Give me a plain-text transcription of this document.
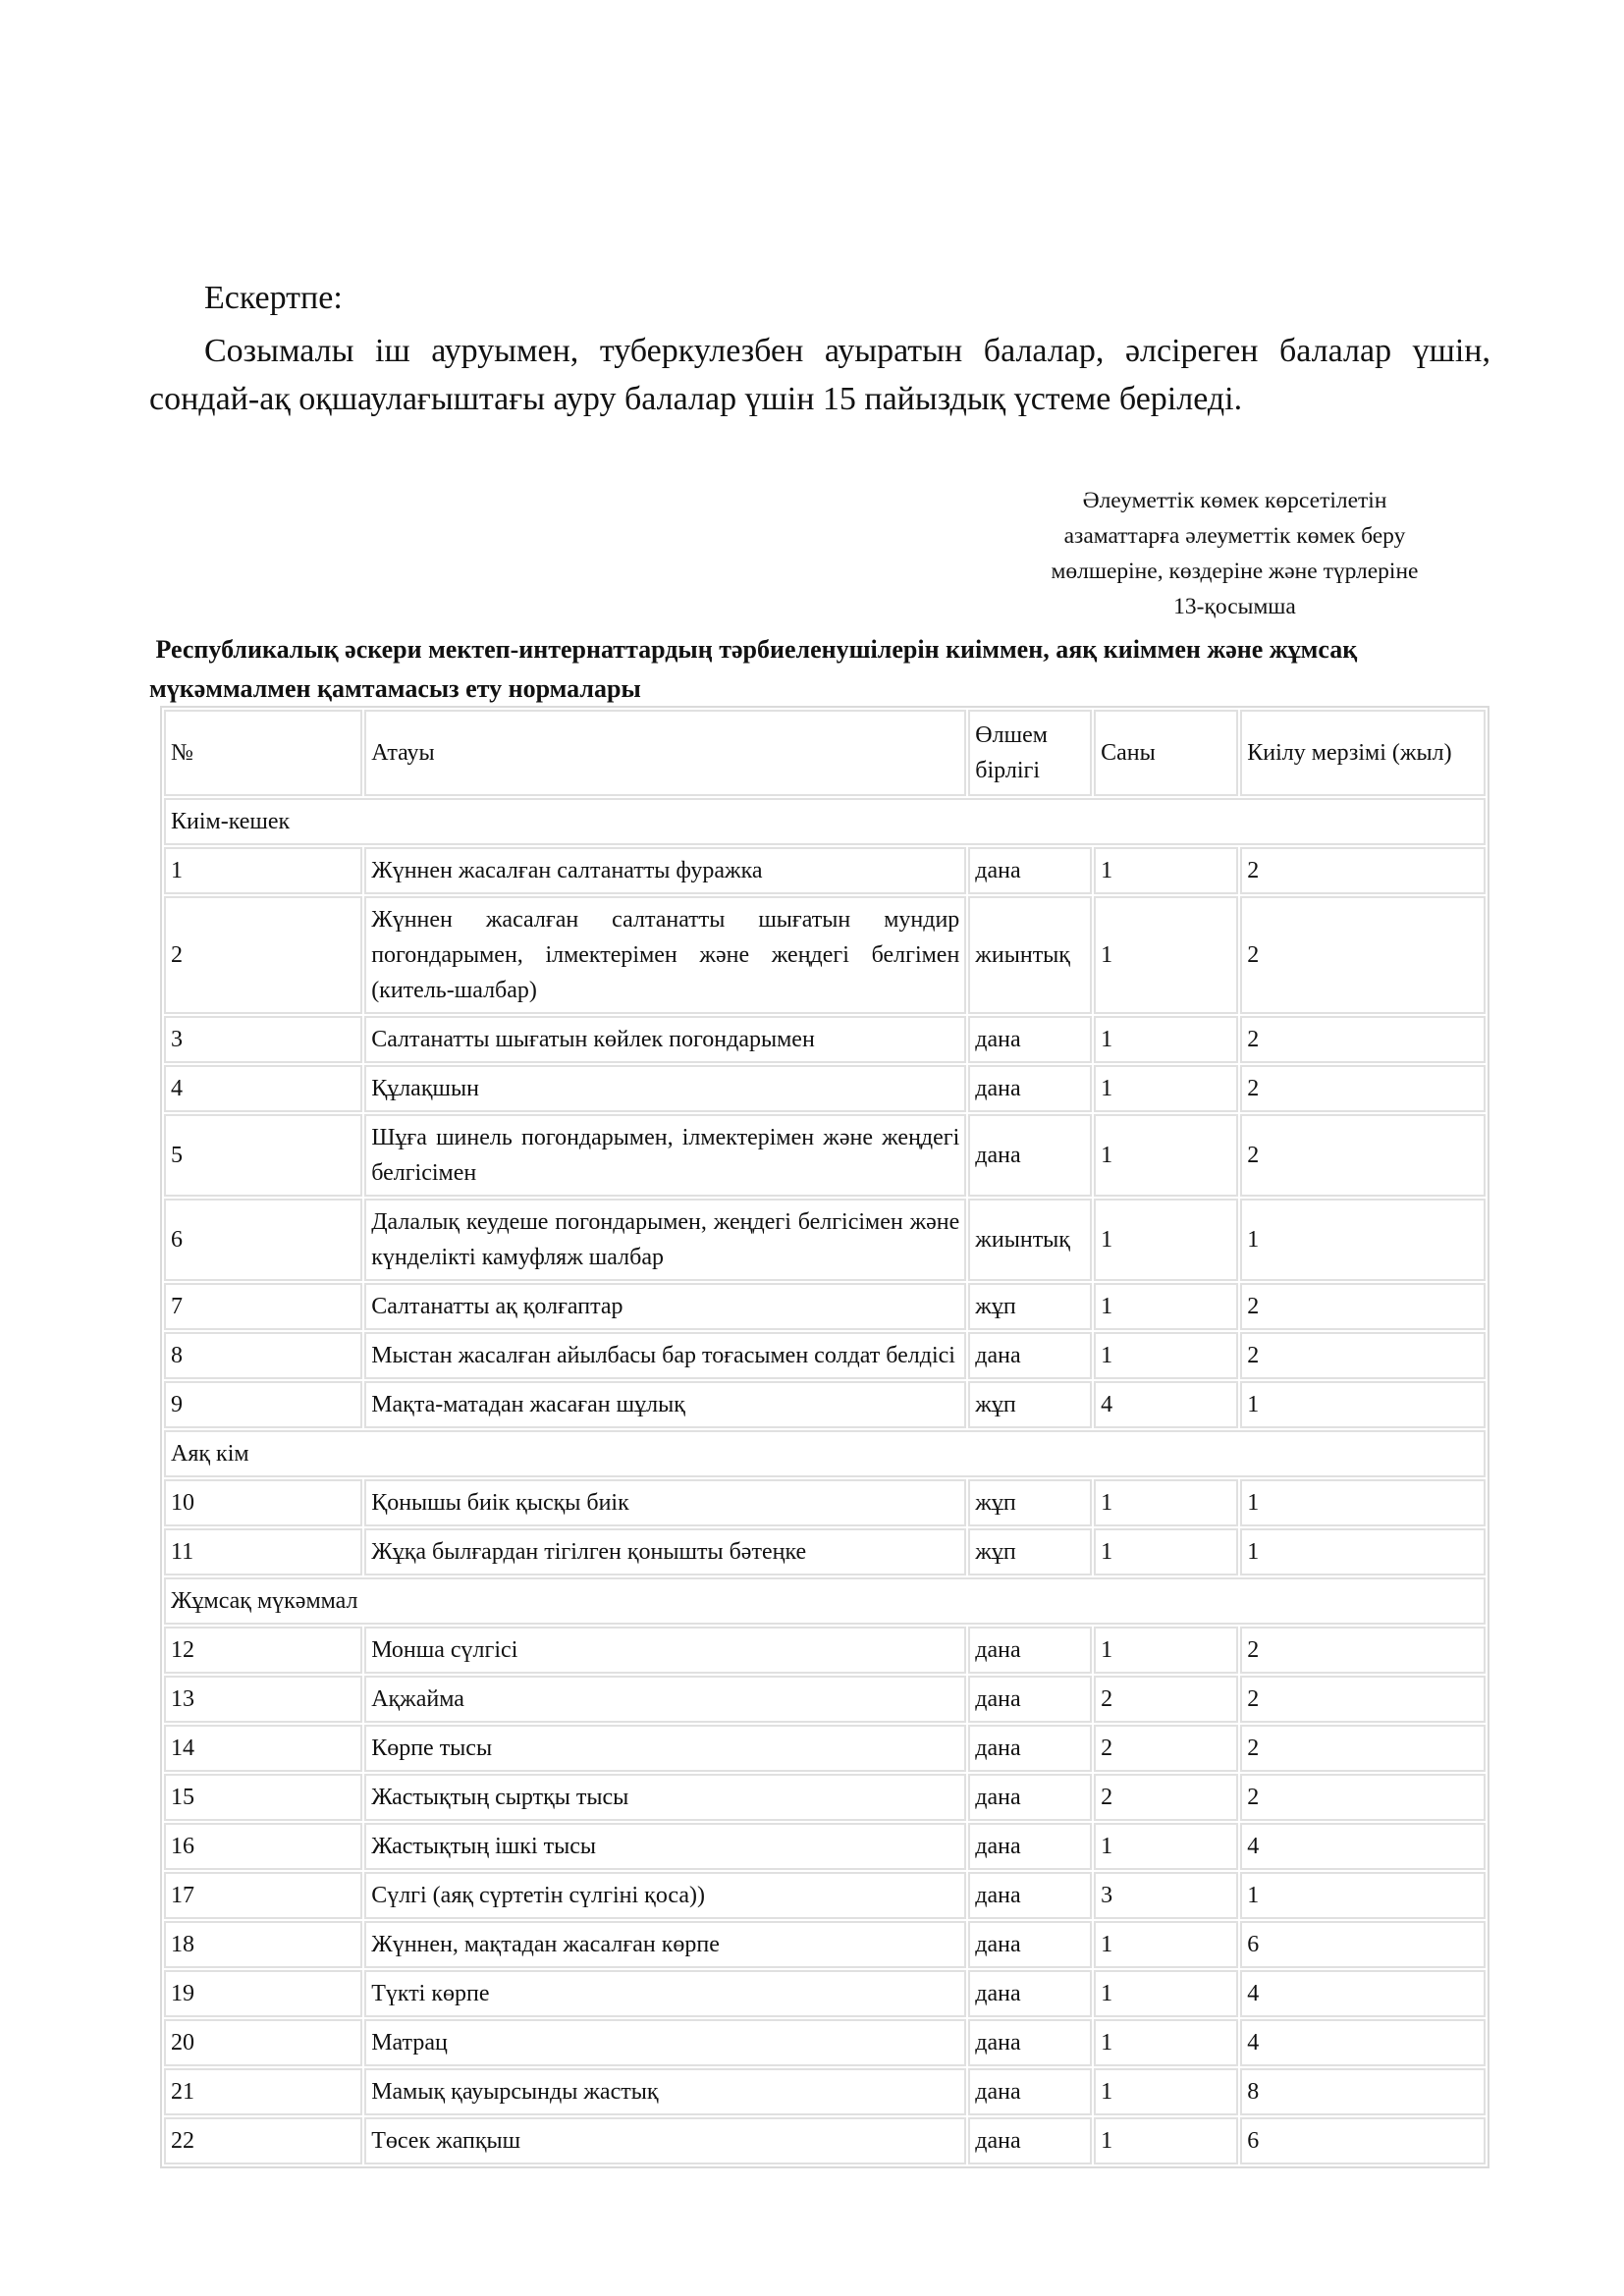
Ескертпе:

Созымалы іш ауруымен, туберкулезбен ауыратын балалар, әлсіреген балалар үшін, сондай-ақ оқшаулағыштағы ауру балалар үшін 15 пайыздық үстеме беріледі.

Әлеуметтік көмек көрсетілетін
азаматтарға әлеуметтік көмек беру
мөлшеріне, көздеріне және түрлеріне
13-қосымша

Республикалық әскери мектеп-интернаттардың тәрбиеленушілерін киіммен, аяқ киіммен және жұмсақ мүкәммалмен қамтамасыз ету нормалары

№	Атауы	Өлшем бірлігі	Саны	Киілу мерзімі (жыл)
Киім-кешек				
1	Жүннен жасалған салтанатты фуражка	дана	1	2
2	Жүннен жасалған салтанатты шығатын мундир погондарымен, ілмектерімен және жеңдегі белгімен (китель-шалбар)	жиынтық	1	2
3	Салтанатты шығатын көйлек погондарымен	дана	1	2
4	Құлақшын	дана	1	2
5	Шұға шинель погондарымен, ілмектерімен және жеңдегі белгісімен	дана	1	2
6	Далалық кеудеше погондарымен, жеңдегі белгісімен және күнделікті камуфляж шалбар	жиынтық	1	1
7	Салтанатты ақ қолғаптар	жұп	1	2
8	Мыстан жасалған айылбасы бар тоғасымен солдат белдісі	дана	1	2
9	Мақта-матадан жасаған шұлық	жұп	4	1
Аяқ кім				
10	Қонышы биік қысқы биік	жұп	1	1
11	Жұқа былғардан тігілген қонышты бәтеңке	жұп	1	1
Жұмсақ мүкәммал				
12	Монша сүлгісі	дана	1	2
13	Ақжайма	дана	2	2
14	Көрпе тысы	дана	2	2
15	Жастықтың сыртқы тысы	дана	2	2
16	Жастықтың ішкі тысы	дана	1	4
17	Сүлгі (аяқ сүртетін сүлгіні қоса))	дана	3	1
18	Жүннен, мақтадан жасалған көрпе	дана	1	6
19	Түкті көрпе	дана	1	4
20	Матрац	дана	1	4
21	Мамық қауырсынды жастық	дана	1	8
22	Төсек жапқыш	дана	1	6
